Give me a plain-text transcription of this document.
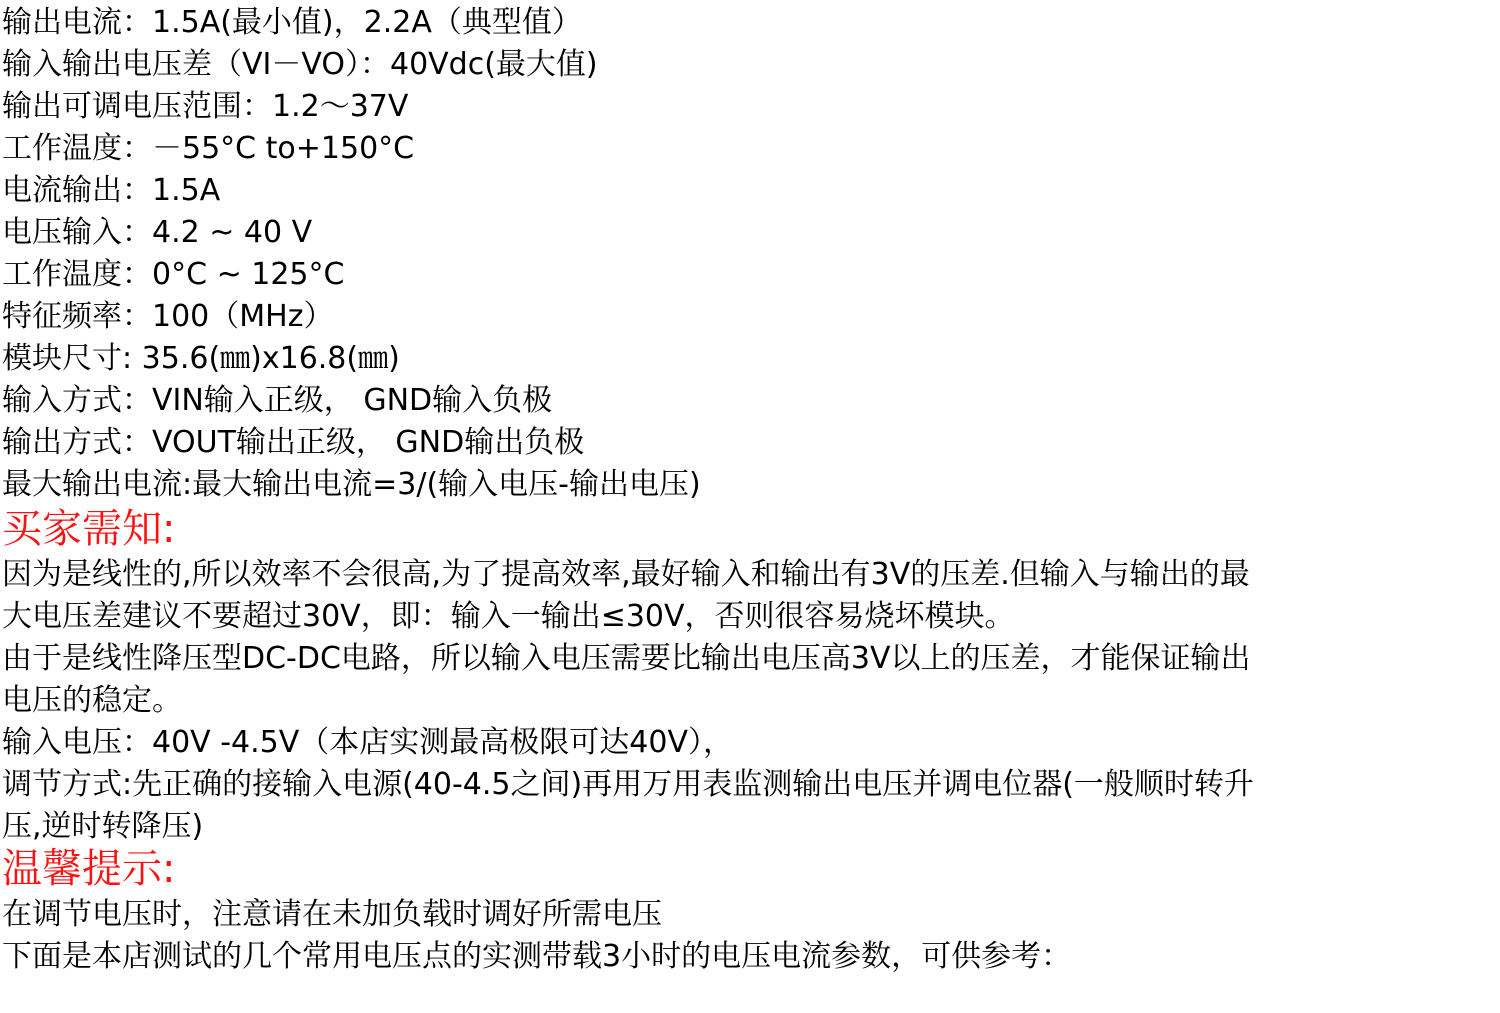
输出电流：1.5A(最小值)，2.2A（典型值）
输入输出电压差（VI－VO）：40Vdc(最大值)
输出可调电压范围：1.2～37V
工作温度：－55°C to+150°C
电流输出：1.5A
电压输入：4.2 ~ 40 V
工作温度：0°C ~ 125°C
特征频率：100（MHz）
模块尺寸: 35.6(㎜)x16.8(㎜)
输入方式：VIN输入正级， GND输入负极
输出方式：VOUT输出正级， GND输出负极
最大输出电流:最大输出电流=3/(输入电压-输出电压)
买家需知:
因为是线性的,所以效率不会很高,为了提高效率,最好输入和输出有3V的压差.但输入与输出的最
大电压差建议不要超过30V，即：输入一输出≤30V，否则很容易烧坏模块。
由于是线性降压型DC-DC电路，所以输入电压需要比输出电压高3V以上的压差，才能保证输出
电压的稳定。
输入电压：40V -4.5V（本店实测最高极限可达40V），
调节方式:先正确的接输入电源(40-4.5之间)再用万用表监测输出电压并调电位器(一般顺时转升
压,逆时转降压)
温馨提示:
在调节电压时，注意请在未加负载时调好所需电压
下面是本店测试的几个常用电压点的实测带载3小时的电压电流参数，可供参考：
